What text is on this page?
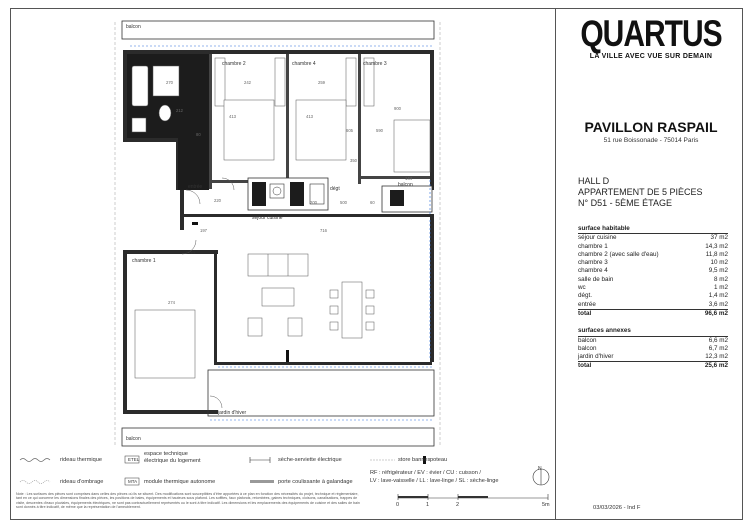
balcon
chambre 2	chambre 4	chambre 3
balcon
entrée	dégt
séjour cuisine
chambre 1
ETEL
jardin d'hiver
balcon
270	242	259
212
220
716
274
413	413
605	590
144
900
500	60
80
200
350
197
QUARTUS
LA VILLE AVEC VUE SUR DEMAIN
PAVILLON RASPAIL
51 rue Boissonade - 75014 Paris
HALL D
APPARTEMENT DE 5 PIÈCES
N° D51 - 5ÈME ÉTAGE
surface habitable
séjour cuisine	37 m2
chambre 1	14,3 m2
chambre 2 (avec salle d'eau)	11,8 m2
chambre 3	10 m2
chambre 4	9,5 m2
salle de bain	8 m2
wc	1 m2
dégt.	1,4 m2
entrée	3,6 m2
total	96,6 m2
surfaces annexes
balcon	6,6 m2
balcon	6,7 m2
jardin d'hiver	12,3 m2
total	25,6 m2
rideau thermique
rideau d'ombrage
ETEL
espace technique
électrique du logement
MTA module thermique autonome
sèche-serviette électrique
porte coulissante à galandage
store bannes poteau
RF : réfrigérateur / EV : évier / CU : cuisson /
LV : lave-vaisselle / LL : lave-linge / SL : sèche-linge
N
0	1	2	5m
Note : Les surfaces des pièces sont comprises dans celles des pièces où ils se situent. Des modifications sont susceptibles d'être apportées à ce plan en fonction des nécessités du projet, technique et réglementaire, tant en ce qui concerne les dimensions finales des pièces, les positions de baies, équipements et hauteurs sous plafond. Les soffites, faux plafonds, retombées, gaines techniques, cloisons, canalisations, trappes de visite, descentes d'eaux pluviales, équipements électriques, ne sont pas contractuellement représentés ou le sont à titre indicatif. Les dimensions et les emplacements des équipements de cuisine et des salles de bain sont donnés à titre indicatif, de même que la représentation de l'ameublement.	03/03/2026 - Ind F
